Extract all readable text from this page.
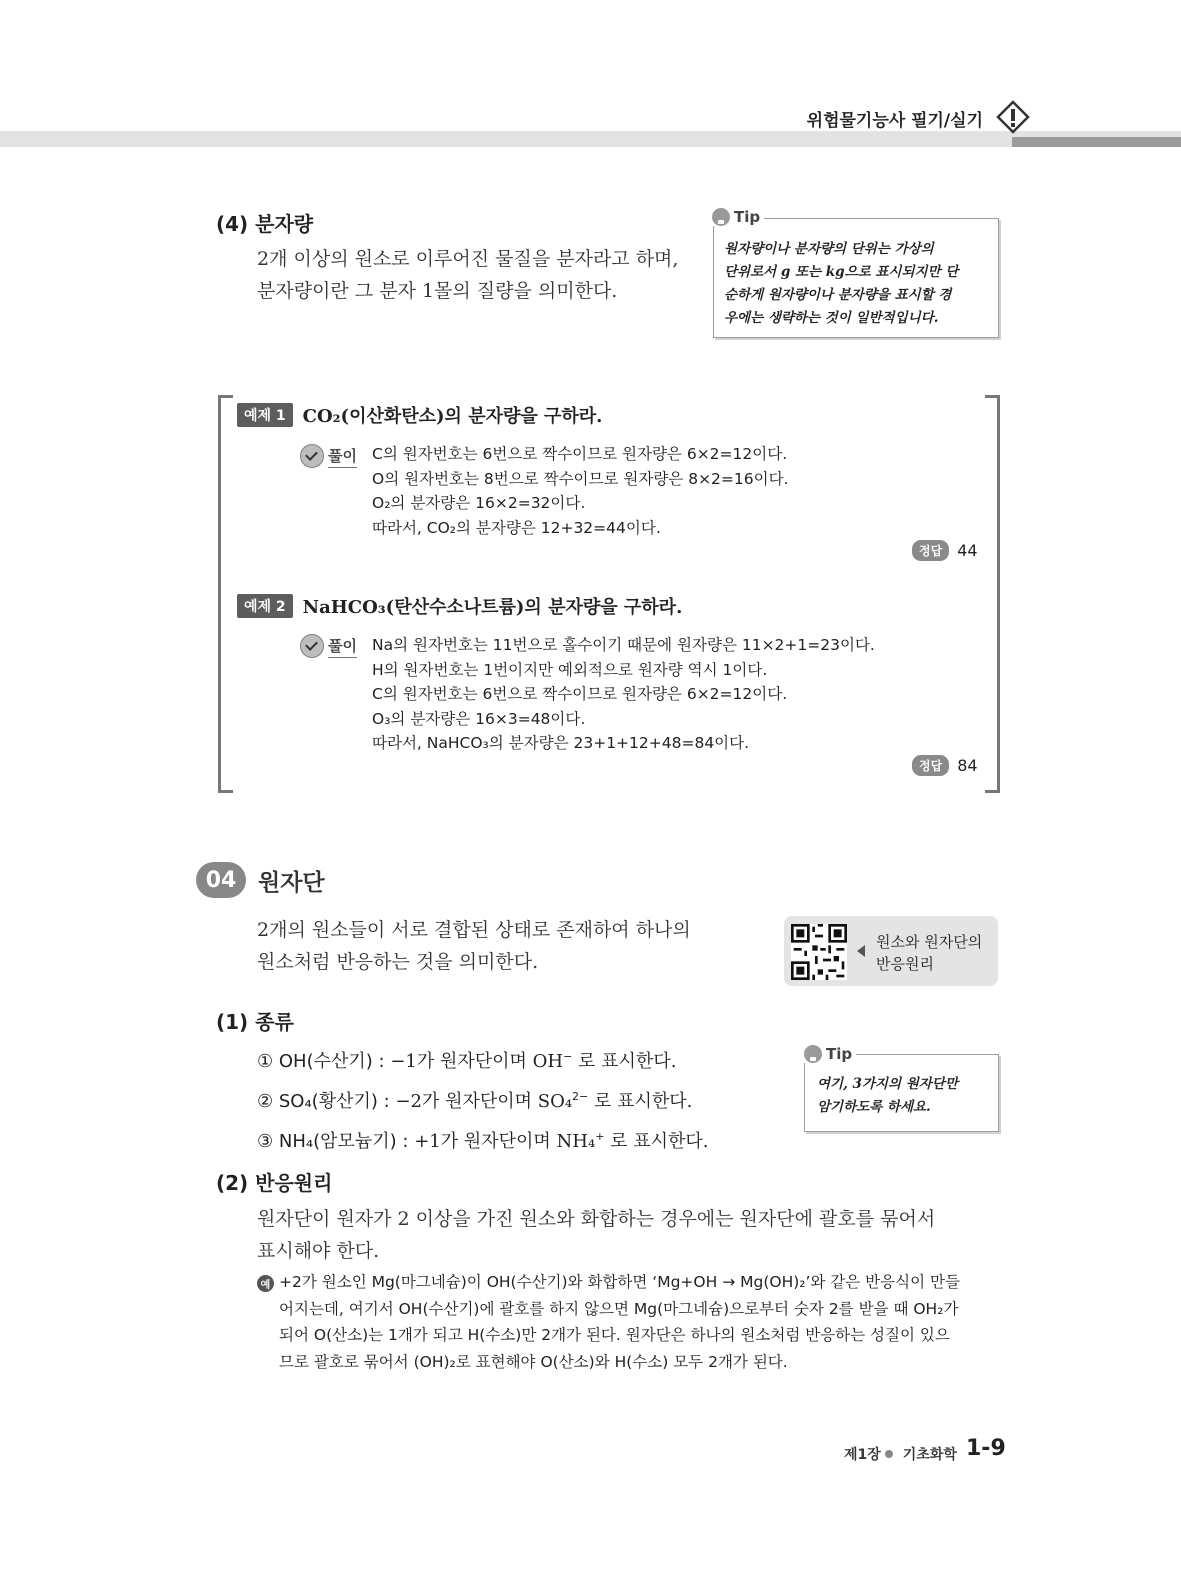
위험물기능사 필기/실기
(4) 분자량
2개 이상의 원소로 이루어진 물질을 분자라고 하며,
분자량이란 그 분자 1몰의 질량을 의미한다.
Tip
원자량이나 분자량의 단위는 가상의
단위로서 g 또는 kg으로 표시되지만 단
순하게 원자량이나 분자량을 표시할 경
우에는 생략하는 것이 일반적입니다.
예제 1 CO₂(이산화탄소)의 분자량을 구하라.
풀이 C의 원자번호는 6번으로 짝수이므로 원자량은 6×2=12이다.
O의 원자번호는 8번으로 짝수이므로 원자량은 8×2=16이다.
O₂의 분자량은 16×2=32이다.
따라서, CO₂의 분자량은 12+32=44이다.
정답 44
예제 2 NaHCO₃(탄산수소나트륨)의 분자량을 구하라.
풀이 Na의 원자번호는 11번으로 홀수이기 때문에 원자량은 11×2+1=23이다.
H의 원자번호는 1번이지만 예외적으로 원자량 역시 1이다.
C의 원자번호는 6번으로 짝수이므로 원자량은 6×2=12이다.
O₃의 분자량은 16×3=48이다.
따라서, NaHCO₃의 분자량은 23+1+12+48=84이다.
정답 84
04 원자단
2개의 원소들이 서로 결합된 상태로 존재하여 하나의
원소처럼 반응하는 것을 의미한다.
원소와 원자단의
반응원리
(1) 종류
① OH(수산기) : −1가 원자단이며 OH− 로 표시한다.
② SO₄(황산기) : −2가 원자단이며 SO₄$^{2-}$ 로 표시한다.
③ NH₄(암모늄기) : +1가 원자단이며 NH₄+ 로 표시한다.
Tip
여기, 3가지의 원자단만
암기하도록 하세요.
(2) 반응원리
원자단이 원자가 2 이상을 가진 원소와 화합하는 경우에는 원자단에 괄호를 묶어서
표시해야 한다.
예 +2가 원소인 Mg(마그네슘)이 OH(수산기)와 화합하면 ‘Mg+OH → Mg(OH)₂’와 같은 반응식이 만들
어지는데, 여기서 OH(수산기)에 괄호를 하지 않으면 Mg(마그네슘)으로부터 숫자 2를 받을 때 OH₂가
되어 O(산소)는 1개가 되고 H(수소)만 2개가 된다. 원자단은 하나의 원소처럼 반응하는 성질이 있으
므로 괄호로 묶어서 (OH)₂로 표현해야 O(산소)와 H(수소) 모두 2개가 된다.
제1장 기초화학 1-9
